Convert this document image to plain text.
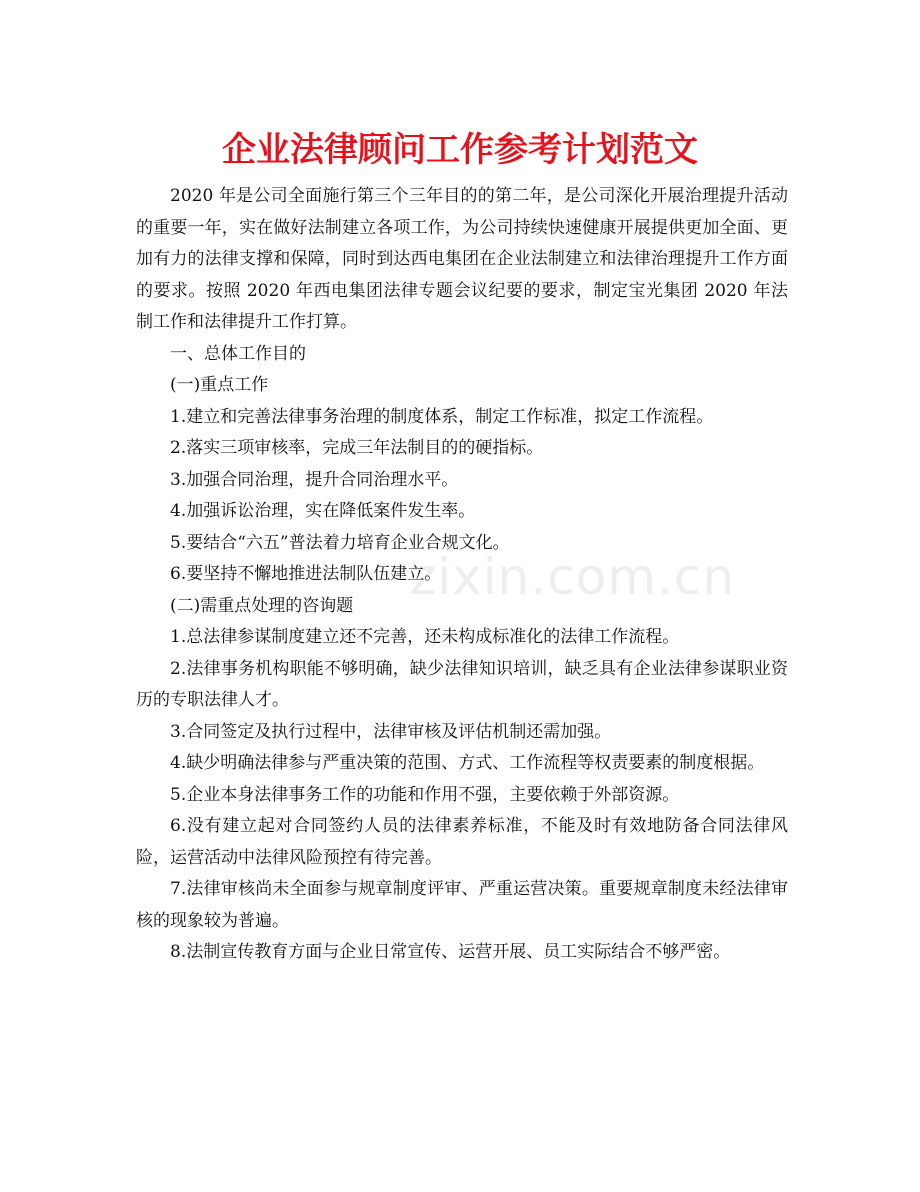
企业法律顾问工作参考计划范文
zixin.com.cn

2020 年是公司全面施行第三个三年目的的第二年，是公司深化开展治理提升活动的重要一年，实在做好法制建立各项工作，为公司持续快速健康开展提供更加全面、更加有力的法律支撑和保障，同时到达西电集团在企业法制建立和法律治理提升工作方面的要求。按照 2020 年西电集团法律专题会议纪要的要求，制定宝光集团 2020 年法制工作和法律提升工作打算。

一、总体工作目的

(一)重点工作

1.建立和完善法律事务治理的制度体系，制定工作标准，拟定工作流程。

2.落实三项审核率，完成三年法制目的的硬指标。

3.加强合同治理，提升合同治理水平。

4.加强诉讼治理，实在降低案件发生率。

5.要结合“六五”普法着力培育企业合规文化。

6.要坚持不懈地推进法制队伍建立。

(二)需重点处理的咨询题

1.总法律参谋制度建立还不完善，还未构成标准化的法律工作流程。

2.法律事务机构职能不够明确，缺少法律知识培训，缺乏具有企业法律参谋职业资历的专职法律人才。

3.合同签定及执行过程中，法律审核及评估机制还需加强。

4.缺少明确法律参与严重决策的范围、方式、工作流程等权责要素的制度根据。

5.企业本身法律事务工作的功能和作用不强，主要依赖于外部资源。

6.没有建立起对合同签约人员的法律素养标准，不能及时有效地防备合同法律风险，运营活动中法律风险预控有待完善。

7.法律审核尚未全面参与规章制度评审、严重运营决策。重要规章制度未经法律审核的现象较为普遍。

8.法制宣传教育方面与企业日常宣传、运营开展、员工实际结合不够严密。
